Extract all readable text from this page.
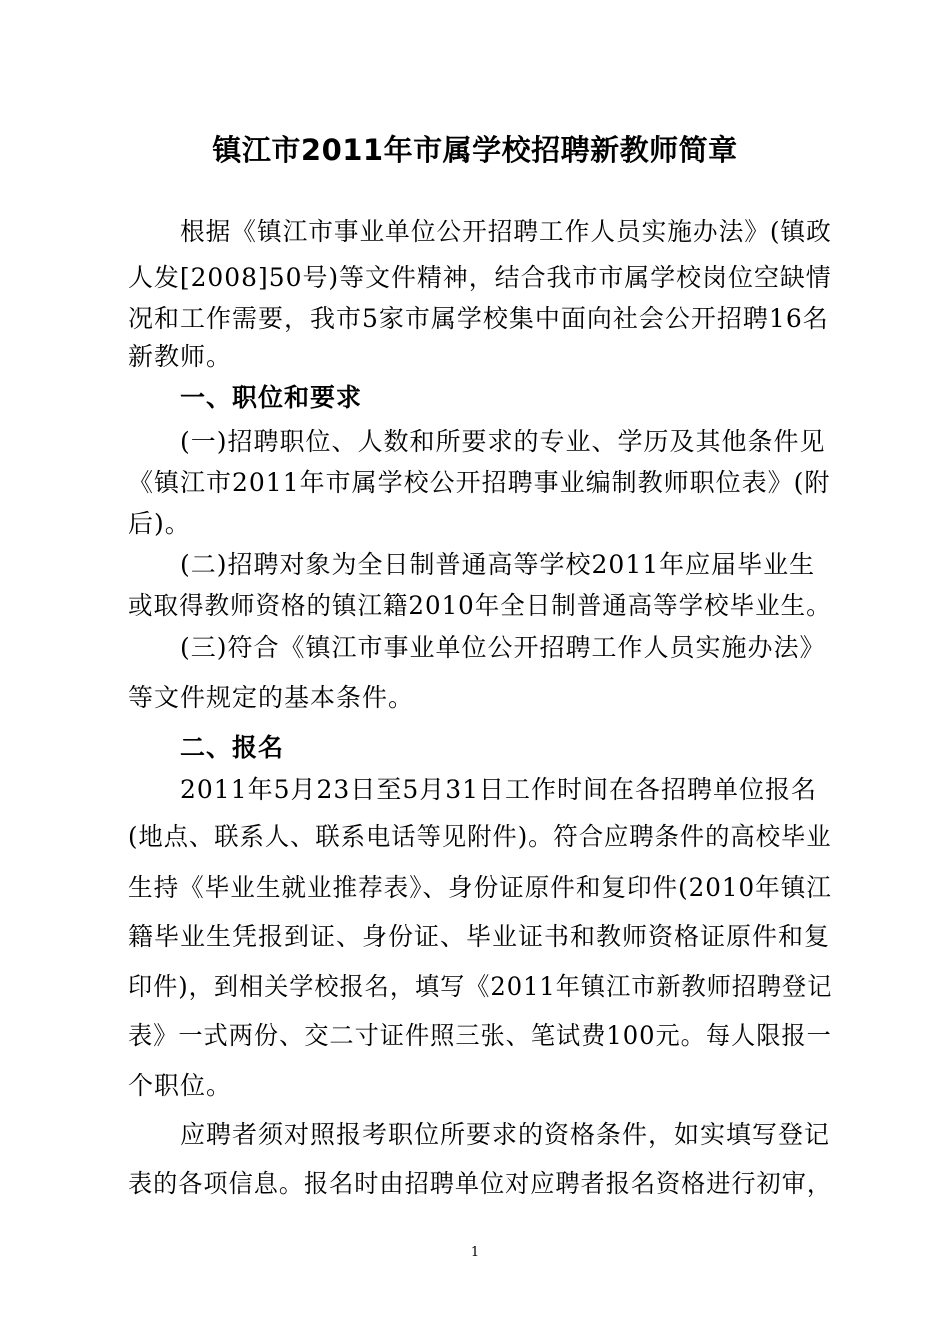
镇江市2011年市属学校招聘新教师简章
根据《镇江市事业单位公开招聘工作人员实施办法》(镇政
人发[2008]50号)等文件精神，结合我市市属学校岗位空缺情
况和工作需要，我市5家市属学校集中面向社会公开招聘16名
新教师。
一、职位和要求
(一)招聘职位、人数和所要求的专业、学历及其他条件见
《镇江市2011年市属学校公开招聘事业编制教师职位表》(附
后)。
(二)招聘对象为全日制普通高等学校2011年应届毕业生
或取得教师资格的镇江籍2010年全日制普通高等学校毕业生。
(三)符合《镇江市事业单位公开招聘工作人员实施办法》
等文件规定的基本条件。
二、报名
2011年5月23日至5月31日工作时间在各招聘单位报名
(地点、联系人、联系电话等见附件)。符合应聘条件的高校毕业
生持《毕业生就业推荐表》、身份证原件和复印件(2010年镇江
籍毕业生凭报到证、身份证、毕业证书和教师资格证原件和复
印件)，到相关学校报名，填写《2011年镇江市新教师招聘登记
表》一式两份、交二寸证件照三张、笔试费100元。每人限报一
个职位。
应聘者须对照报考职位所要求的资格条件，如实填写登记
表的各项信息。报名时由招聘单位对应聘者报名资格进行初审，
1
